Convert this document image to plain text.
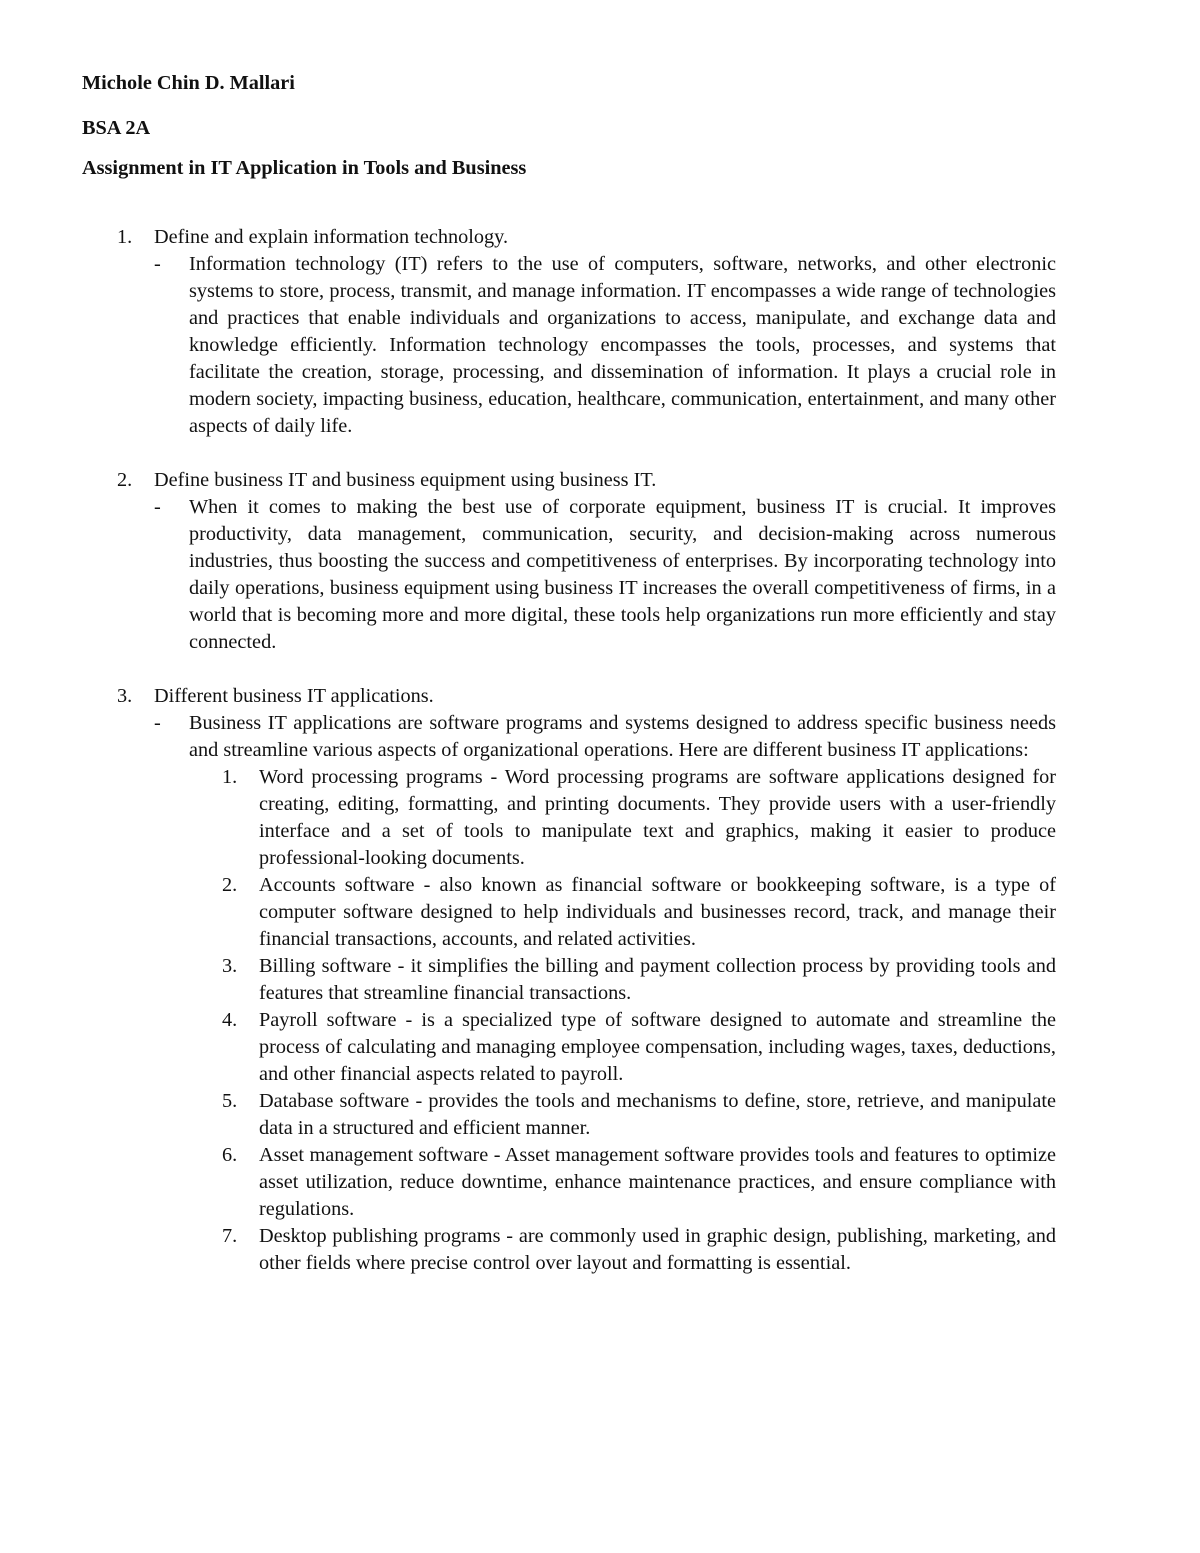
Michole Chin D. Mallari
BSA 2A
Assignment in IT Application in Tools and Business
1.	Define and explain information technology.
-	Information technology (IT) refers to the use of computers, software, networks, and other electronic systems to store, process, transmit, and manage information. IT encompasses a wide range of technologies and practices that enable individuals and organizations to access, manipulate, and exchange data and knowledge efficiently. Information technology encompasses the tools, processes, and systems that facilitate the creation, storage, processing, and dissemination of information. It plays a crucial role in modern society, impacting business, education, healthcare, communication, entertainment, and many other aspects of daily life.

2.	Define business IT and business equipment using business IT.
-	When it comes to making the best use of corporate equipment, business IT is crucial. It improves productivity, data management, communication, security, and decision-making across numerous industries, thus boosting the success and competitiveness of enterprises. By incorporating technology into daily operations, business equipment using business IT increases the overall competitiveness of firms, in a world that is becoming more and more digital, these tools help organizations run more efficiently and stay connected.

3.	Different business IT applications.
-	Business IT applications are software programs and systems designed to address specific business needs and streamline various aspects of organizational operations. Here are different business IT applications:

1.	Word processing programs - Word processing programs are software applications designed for creating, editing, formatting, and printing documents. They provide users with a user-friendly interface and a set of tools to manipulate text and graphics, making it easier to produce professional-looking documents.
2.	Accounts software - also known as financial software or bookkeeping software, is a type of computer software designed to help individuals and businesses record, track, and manage their financial transactions, accounts, and related activities.
3.	Billing software - it simplifies the billing and payment collection process by providing tools and features that streamline financial transactions.
4.	Payroll software - is a specialized type of software designed to automate and streamline the process of calculating and managing employee compensation, including wages, taxes, deductions, and other financial aspects related to payroll.
5.	Database software - provides the tools and mechanisms to define, store, retrieve, and manipulate data in a structured and efficient manner.
6.	Asset management software - Asset management software provides tools and features to optimize asset utilization, reduce downtime, enhance maintenance practices, and ensure compliance with regulations.
7.	Desktop publishing programs - are commonly used in graphic design, publishing, marketing, and other fields where precise control over layout and formatting is essential.
